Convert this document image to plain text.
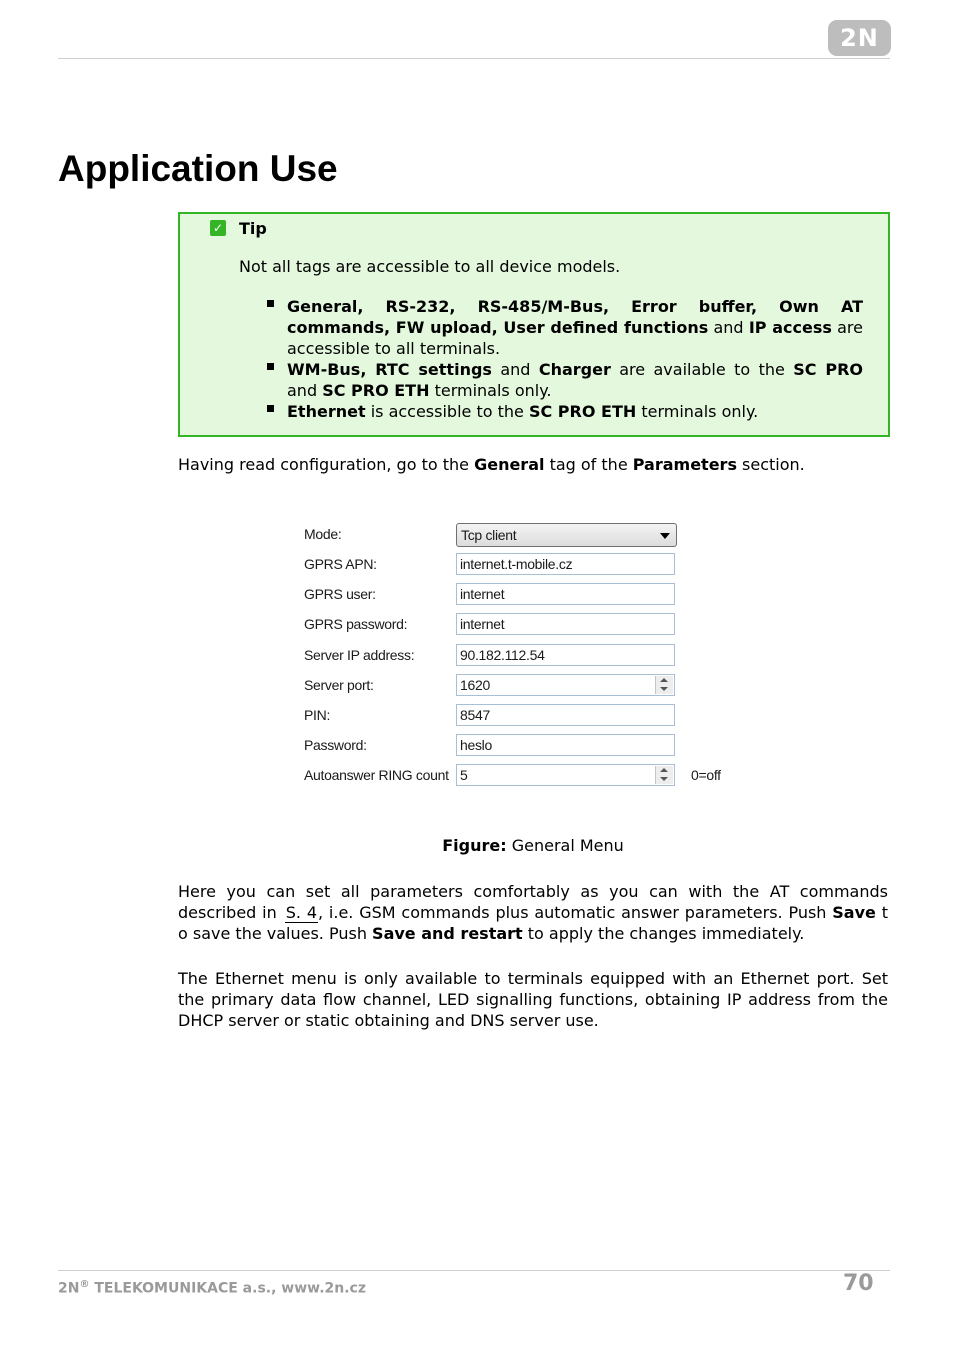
2N
Application Use
✓ Tip
Not all tags are accessible to all device models.
General, RS-232, RS-485/M-Bus, Error buffer, Own AT commands, FW upload, User defined functions and IP access are accessible to all terminals.
WM-Bus, RTC settings and Charger are available to the SC PRO and SC PRO ETH terminals only.
Ethernet is accessible to the SC PRO ETH terminals only.
Having read configuration, go to the General tag of the Parameters section.
Mode:	Tcp client
GPRS APN:	internet.t-mobile.cz
GPRS user:	internet
GPRS password:	internet
Server IP address:	90.182.112.54
Server port:	1620
PIN:	8547
Password:	heslo
Autoanswer RING count 5	0=off
Figure: General Menu
Here you can set all parameters comfortably as you can with the AT commands described in S. 4, i.e. GSM commands plus automatic answer parameters. Push Save t o save the values. Push Save and restart to apply the changes immediately.
The Ethernet menu is only available to terminals equipped with an Ethernet port. Set the primary data flow channel, LED signalling functions, obtaining IP address from the DHCP server or static obtaining and DNS server use.
2N® TELEKOMUNIKACE a.s., www.2n.cz	70
